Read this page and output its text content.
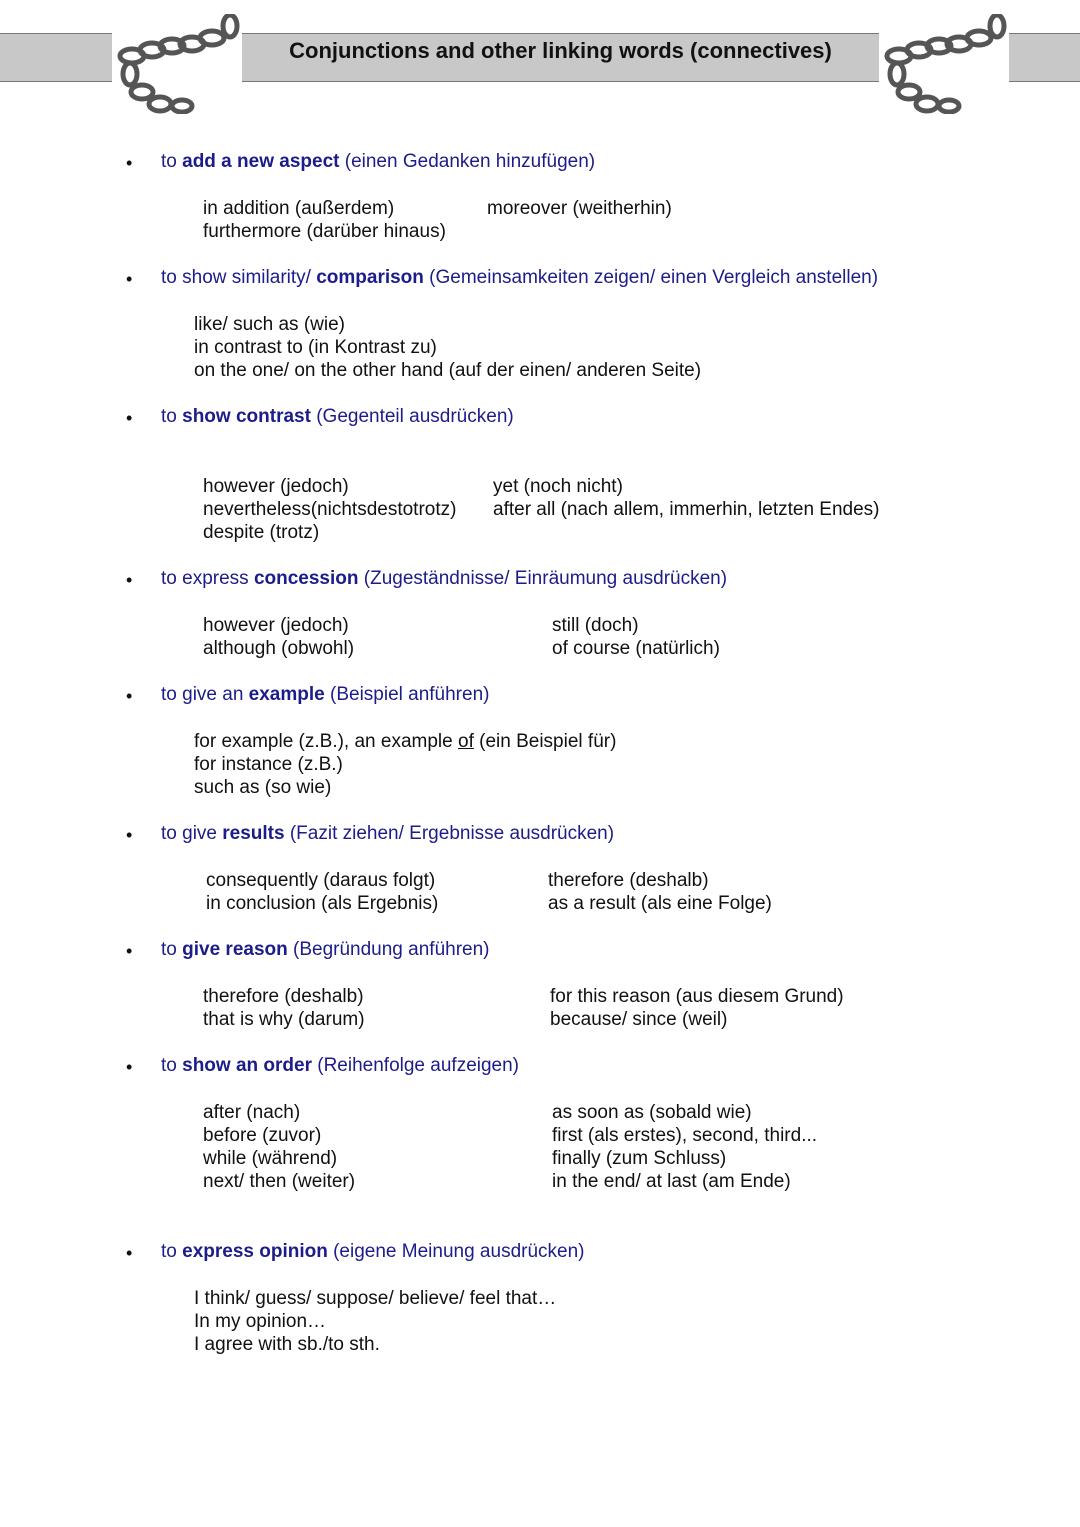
Conjunctions and other linking words (connectives)
• to add a new aspect (einen Gedanken hinzufügen)
in addition (außerdem)
furthermore (darüber hinaus)
moreover (weitherhin)
• to show similarity/ comparison (Gemeinsamkeiten zeigen/ einen Vergleich anstellen)
like/ such as (wie)
in contrast to (in Kontrast zu)
on the one/ on the other hand (auf der einen/ anderen Seite)
• to show contrast (Gegenteil ausdrücken)
however (jedoch)
nevertheless(nichtsdestotrotz)
despite (trotz)
yet (noch nicht)
after all (nach allem, immerhin, letzten Endes)
• to express concession (Zugeständnisse/ Einräumung ausdrücken)
however (jedoch)
although (obwohl)
still (doch)
of course (natürlich)
• to give an example (Beispiel anführen)
for example (z.B.), an example of (ein Beispiel für)
for instance (z.B.)
such as (so wie)
• to give results (Fazit ziehen/ Ergebnisse ausdrücken)
consequently (daraus folgt)
in conclusion (als Ergebnis)
therefore (deshalb)
as a result (als eine Folge)
• to give reason (Begründung anführen)
therefore (deshalb)
that is why (darum)
for this reason (aus diesem Grund)
because/ since (weil)
• to show an order (Reihenfolge aufzeigen)
after (nach)
before (zuvor)
while (während)
next/ then (weiter)
as soon as (sobald wie)
first (als erstes), second, third...
finally (zum Schluss)
in the end/ at last (am Ende)
• to express opinion (eigene Meinung ausdrücken)
I think/ guess/ suppose/ believe/ feel that…
In my opinion…
I agree with sb./to sth.
